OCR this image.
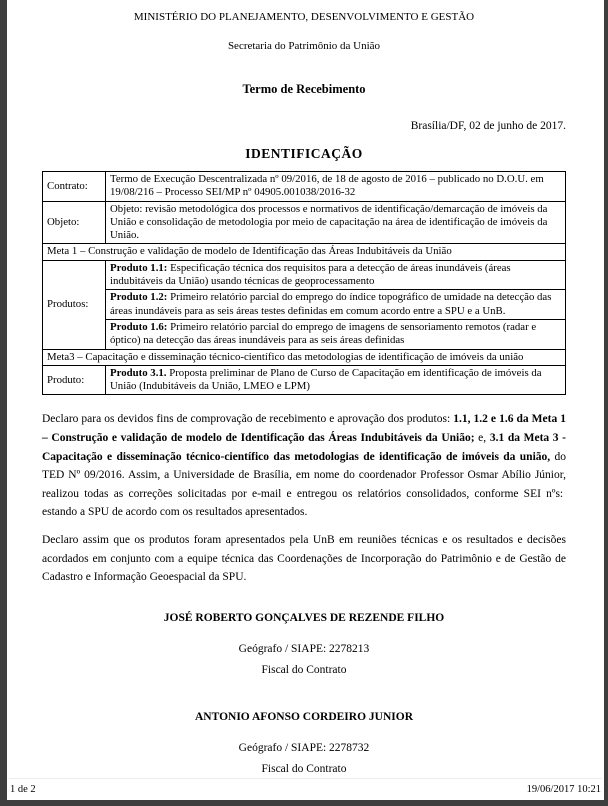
MINISTÉRIO DO PLANEJAMENTO, DESENVOLVIMENTO E GESTÃO

Secretaria do Patrimônio da União

Termo de Recebimento

Brasília/DF, 02 de junho de 2017.

IDENTIFICAÇÃO

Contrato:	Termo de Execução Descentralizada nº 09/2016, de 18 de agosto de 2016 – publicado no D.O.U. em 19/08/216 – Processo SEI/MP nº 04905.001038/2016-32
Objeto:	Objeto: revisão metodológica dos processos e normativos de identificação/demarcação de imóveis da União e consolidação de metodologia por meio de capacitação na área de identificação de imóveis da União.
Meta 1 – Construção e validação de modelo de Identificação das Áreas Indubitáveis da União	
Produtos:	Produto 1.1: Especificação técnica dos requisitos para a detecção de áreas inundáveis (áreas indubitáveis da União) usando técnicas de geoprocessamento
	Produto 1.2: Primeiro relatório parcial do emprego do índice topográfico de umidade na detecção das áreas inundáveis para as seis áreas testes definidas em comum acordo entre a SPU e a UnB.
	Produto 1.6: Primeiro relatório parcial do emprego de imagens de sensoriamento remotos (radar e óptico) na detecção das áreas inundáveis para as seis áreas definidas
Meta3 – Capacitação e disseminação técnico-científico das metodologias de identificação de imóveis da união	
Produto:	Produto 3.1. Proposta preliminar de Plano de Curso de Capacitação em identificação de imóveis da União (Indubitáveis da União, LMEO e LPM)

Declaro para os devidos fins de comprovação de recebimento e aprovação dos produtos: 1.1, 1.2 e 1.6 da Meta 1 – Construção e validação de modelo de Identificação das Áreas Indubitáveis da União; e, 3.1 da Meta 3 - Capacitação e disseminação técnico-científico das metodologias de identificação de imóveis da união, do TED Nº 09/2016. Assim, a Universidade de Brasília, em nome do coordenador Professor Osmar Abílio Júnior, realizou todas as correções solicitadas por e-mail e entregou os relatórios consolidados, conforme SEI nºs:  estando a SPU de acordo com os resultados apresentados.

Declaro assim que os produtos foram apresentados pela UnB em reuniões técnicas e os resultados e decisões acordados em conjunto com a equipe técnica das Coordenações de Incorporação do Patrimônio e de Gestão de Cadastro e Informação Geoespacial da SPU.

JOSÉ ROBERTO GONÇALVES DE REZENDE FILHO

Geógrafo / SIAPE: 2278213

Fiscal do Contrato

ANTONIO AFONSO CORDEIRO JUNIOR

Geógrafo / SIAPE: 2278732

Fiscal do Contrato

1 de 2	19/06/2017 10:21
